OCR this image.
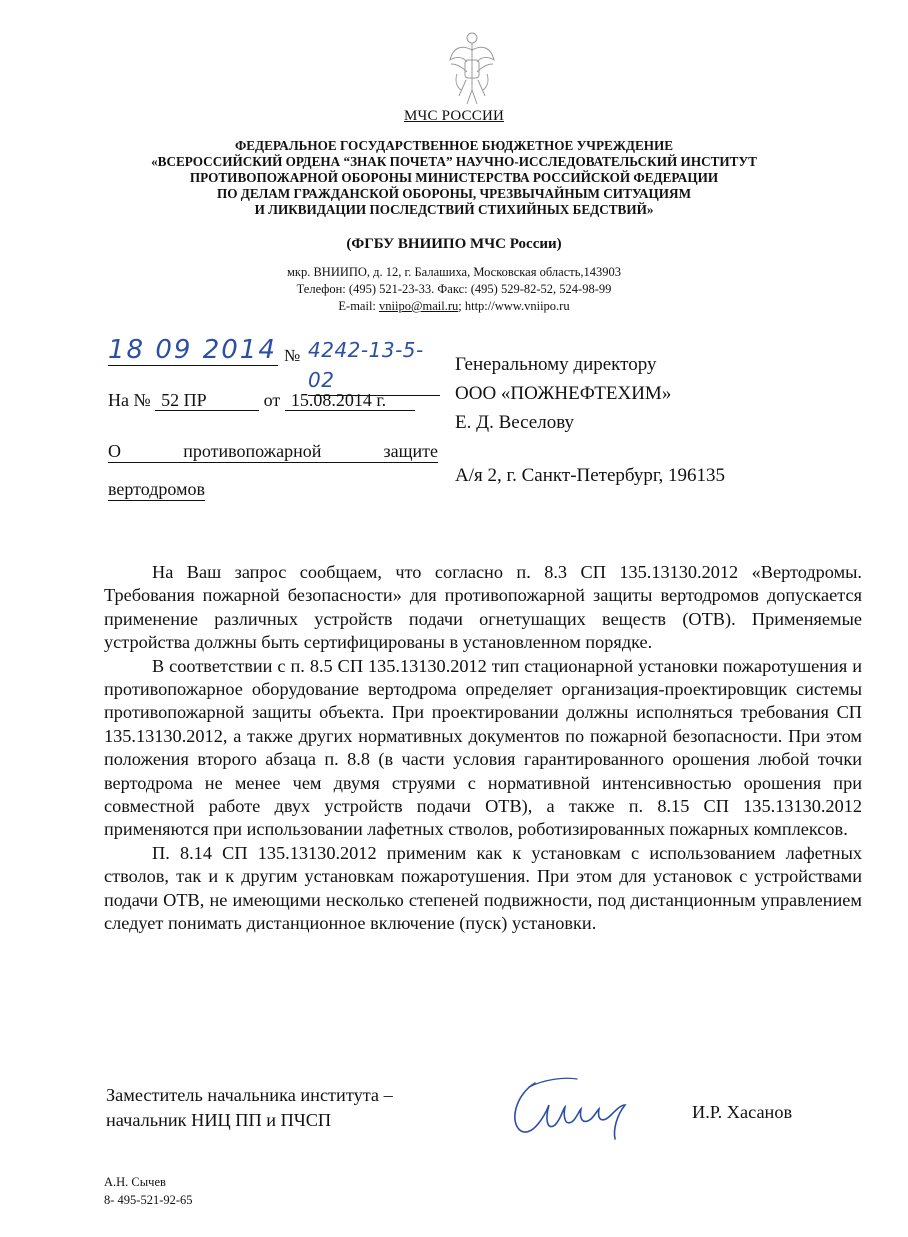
МЧС РОССИИ
ФЕДЕРАЛЬНОЕ ГОСУДАРСТВЕННОЕ БЮДЖЕТНОЕ УЧРЕЖДЕНИЕ
«ВСЕРОССИЙСКИЙ ОРДЕНА “ЗНАК ПОЧЕТА” НАУЧНО-ИССЛЕДОВАТЕЛЬСКИЙ ИНСТИТУТ
ПРОТИВОПОЖАРНОЙ ОБОРОНЫ МИНИСТЕРСТВА РОССИЙСКОЙ ФЕДЕРАЦИИ
ПО ДЕЛАМ ГРАЖДАНСКОЙ ОБОРОНЫ, ЧРЕЗВЫЧАЙНЫМ СИТУАЦИЯМ
И ЛИКВИДАЦИИ ПОСЛЕДСТВИЙ СТИХИЙНЫХ БЕДСТВИЙ»
(ФГБУ ВНИИПО МЧС России)
мкр. ВНИИПО, д. 12, г. Балашиха, Московская область,143903
Телефон: (495) 521-23-33. Факс: (495) 529-82-52, 524-98-99
E-mail: vniipo@mail.ru; http://www.vniipo.ru
18 09 2014 № 4242-13-5-02
На № 52 ПР	от 15.08.2014 г.
О	противопожарной	защите
вертодромов
Генеральному директору
ООО «ПОЖНЕФТЕХИМ»
Е. Д. Веселову
А/я 2, г. Санкт-Петербург, 196135

На Ваш запрос сообщаем, что согласно п. 8.3 СП 135.13130.2012 «Вертодромы. Требования пожарной безопасности» для противопожарной защиты вертодромов допускается применение различных устройств подачи огнетушащих веществ (ОТВ). Применяемые устройства должны быть сертифицированы в установленном порядке.

В соответствии с п. 8.5 СП 135.13130.2012 тип стационарной установки пожаротушения и противопожарное оборудование вертодрома определяет организация-проектировщик системы противопожарной защиты объекта. При проектировании должны исполняться требования СП 135.13130.2012, а также других нормативных документов по пожарной безопасности. При этом положения второго абзаца п. 8.8 (в части условия гарантированного орошения любой точки вертодрома не менее чем двумя струями с нормативной интенсивностью орошения при совместной работе двух устройств подачи ОТВ), а также п. 8.15 СП 135.13130.2012 применяются при использовании лафетных стволов, роботизированных пожарных комплексов.

П. 8.14 СП 135.13130.2012 применим как к установкам с использованием лафетных стволов, так и к другим установкам пожаротушения. При этом для установок с устройствами подачи ОТВ, не имеющими несколько степеней подвижности, под дистанционным управлением следует понимать дистанционное включение (пуск) установки.

Заместитель начальника института –
начальник НИЦ ПП и ПЧСП	И.Р. Хасанов
А.Н. Сычев
8- 495-521-92-65
